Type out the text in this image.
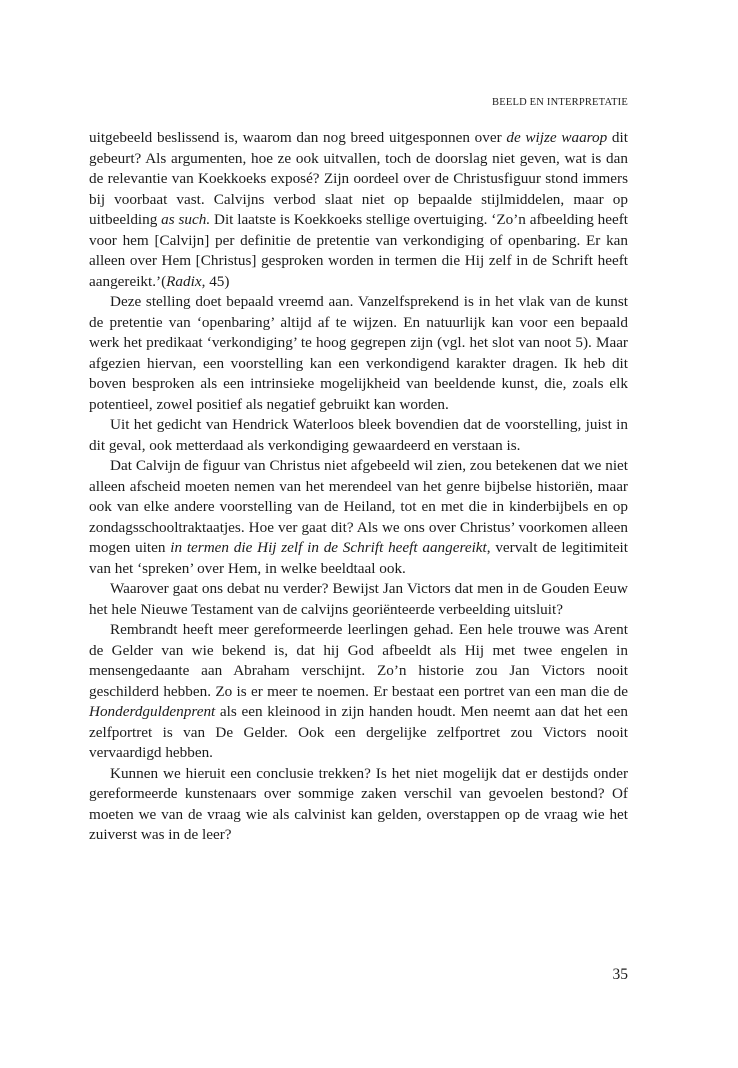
BEELD EN INTERPRETATIE

uitgebeeld beslissend is, waarom dan nog breed uitgesponnen over de wijze waarop dit gebeurt? Als argumenten, hoe ze ook uitvallen, toch de doorslag niet geven, wat is dan de relevantie van Koekkoeks exposé? Zijn oordeel over de Christusfiguur stond immers bij voorbaat vast. Calvijns verbod slaat niet op bepaalde stijlmiddelen, maar op uitbeelding as such. Dit laatste is Koekkoeks stellige overtuiging. ‘Zo’n afbeelding heeft voor hem [Calvijn] per definitie de pretentie van verkondiging of openbaring. Er kan alleen over Hem [Christus] gesproken worden in termen die Hij zelf in de Schrift heeft aangereikt.’(Radix, 45)

Deze stelling doet bepaald vreemd aan. Vanzelfsprekend is in het vlak van de kunst de pretentie van ‘openbaring’ altijd af te wijzen. En natuurlijk kan voor een bepaald werk het predikaat ‘verkondiging’ te hoog gegrepen zijn (vgl. het slot van noot 5). Maar afgezien hiervan, een voorstelling kan een verkondigend karakter dragen. Ik heb dit boven besproken als een intrinsieke mogelijkheid van beeldende kunst, die, zoals elk potentieel, zowel positief als negatief gebruikt kan worden.

Uit het gedicht van Hendrick Waterloos bleek bovendien dat de voorstelling, juist in dit geval, ook metterdaad als verkondiging gewaardeerd en verstaan is.

Dat Calvijn de figuur van Christus niet afgebeeld wil zien, zou betekenen dat we niet alleen afscheid moeten nemen van het merendeel van het genre bijbelse historiën, maar ook van elke andere voorstelling van de Heiland, tot en met die in kinderbijbels en op zondagsschooltraktaatjes. Hoe ver gaat dit? Als we ons over Christus’ voorkomen alleen mogen uiten in termen die Hij zelf in de Schrift heeft aangereikt, vervalt de legitimiteit van het ‘spreken’ over Hem, in welke beeldtaal ook.

Waarover gaat ons debat nu verder? Bewijst Jan Victors dat men in de Gouden Eeuw het hele Nieuwe Testament van de calvijns georiënteerde verbeelding uitsluit?

Rembrandt heeft meer gereformeerde leerlingen gehad. Een hele trouwe was Arent de Gelder van wie bekend is, dat hij God afbeeldt als Hij met twee engelen in mensengedaante aan Abraham verschijnt. Zo’n historie zou Jan Victors nooit geschilderd hebben. Zo is er meer te noemen. Er bestaat een portret van een man die de Honderdguldenprent als een kleinood in zijn handen houdt. Men neemt aan dat het een zelfportret is van De Gelder. Ook een dergelijke zelfportret zou Victors nooit vervaardigd hebben.

Kunnen we hieruit een conclusie trekken? Is het niet mogelijk dat er destijds onder gereformeerde kunstenaars over sommige zaken verschil van gevoelen bestond? Of moeten we van de vraag wie als calvinist kan gelden, overstappen op de vraag wie het zuiverst was in de leer?

35
